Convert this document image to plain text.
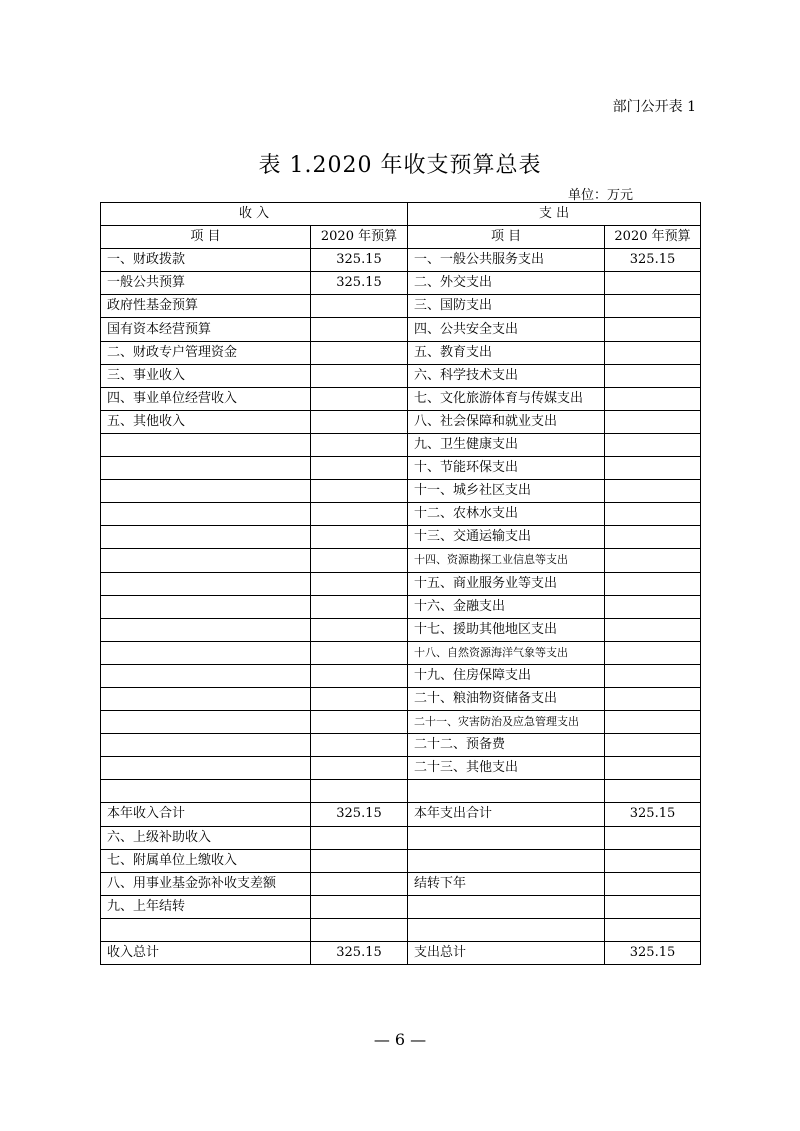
部门公开表 1
表 1.2020 年收支预算总表
单位：万元
收 入		支 出	
项 目	2020 年预算	项 目	2020 年预算
一、财政拨款	325.15	一、一般公共服务支出	325.15
一般公共预算	325.15	二、外交支出	
政府性基金预算		三、国防支出	
国有资本经营预算		四、公共安全支出	
二、财政专户管理资金		五、教育支出	
三、事业收入		六、科学技术支出	
四、事业单位经营收入		七、文化旅游体育与传媒支出	
五、其他收入		八、社会保障和就业支出	
		九、卫生健康支出	
		十、节能环保支出	
		十一、城乡社区支出	
		十二、农林水支出	
		十三、交通运输支出	
		十四、资源勘探工业信息等支出	
		十五、商业服务业等支出	
		十六、金融支出	
		十七、援助其他地区支出	
		十八、自然资源海洋气象等支出	
		十九、住房保障支出	
		二十、粮油物资储备支出	
		二十一、灾害防治及应急管理支出	
		二十二、预备费	
		二十三、其他支出	

本年收入合计	325.15	本年支出合计	325.15
六、上级补助收入			
七、附属单位上缴收入			
八、用事业基金弥补收支差额		结转下年	
九、上年结转			

收入总计	325.15	支出总计	325.15
— 6 —
